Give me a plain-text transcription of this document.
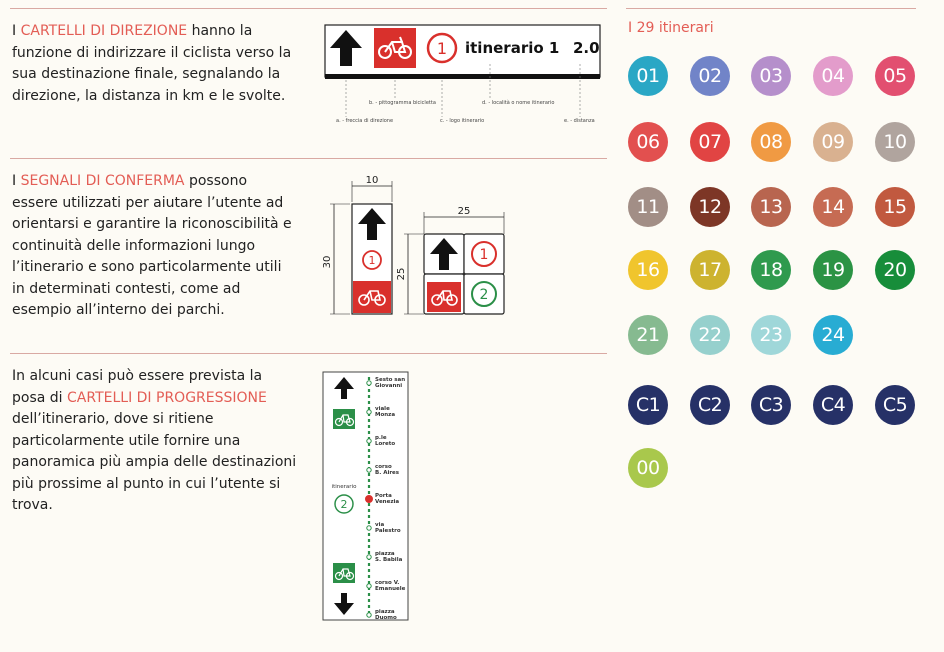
I CARTELLI DI DIREZIONE hanno la funzione di indirizzare il ciclista verso la sua destinazione finale, segnalando la direzione, la distanza in km e le svolte.
I SEGNALI DI CONFERMA possono essere utilizzati per aiutare l’utente ad orientarsi e garantire la riconoscibilità e continuità delle informazioni lungo l’itinerario e sono particolarmente utili in determinati contesti, come ad esempio all’interno dei parchi.
In alcuni casi può essere prevista la posa di CARTELLI DI PROGRESSIONE dell’itinerario, dove si ritiene particolarmente utile fornire una panoramica più ampia delle destinazioni più prossime al punto in cui l’utente si trova.
1 itinerario 1 2.0
a. - freccia di direzione
b. - pittogramma bicicletta
c. - logo itinerario
d. - località o nome itinerario
e. - distanza
10
30	1
25
25
1
2
itinerario
2
Sesto san
Giovanni
viale
Monza
p.le
Loreto
corso
B. Aires
Porta
Venezia
via
Palestro
piazza
S. Babila
corso V.
Emanuele
piazza
Duomo
I 29 itinerari
01	02	03	04	05
06	07	08	09	10
11	12	13	14	15
16	17	18	19	20
21	22	23	24
C1	C2	C3	C4	C5
00
